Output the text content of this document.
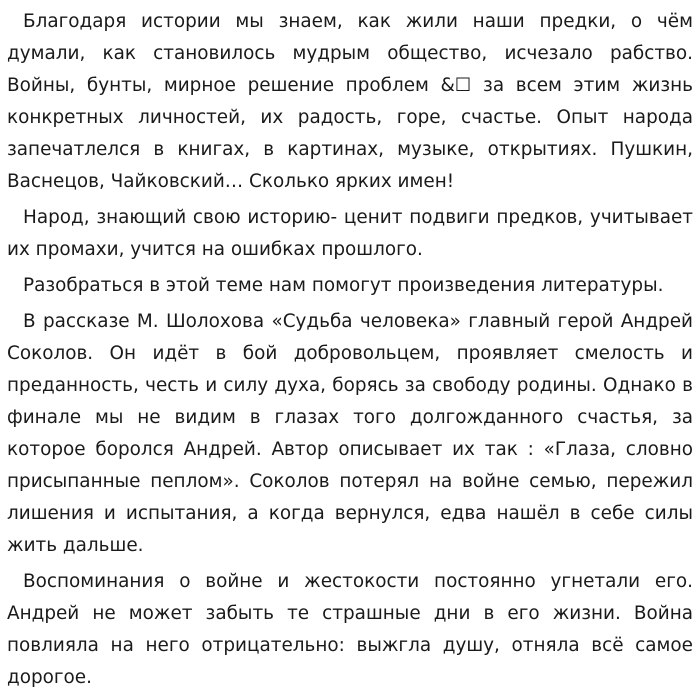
Благодаря истории мы знаем, как жили наши предки, о чём думали, как становилось мудрым общество, исчезало рабство. Войны, бунты, мирное решение проблем &☐ за всем этим жизнь конкретных личностей, их радость, горе, счастье. Опыт народа запечатлелся в книгах, в картинах, музыке, открытиях. Пушкин, Васнецов, Чайковский… Сколько ярких имен!

Народ, знающий свою историю- ценит подвиги предков, учитывает их промахи, учится на ошибках прошлого.

Разобраться в этой теме нам помогут произведения литературы.

В рассказе М. Шолохова «Судьба человека» главный герой Андрей Соколов. Он идёт в бой добровольцем, проявляет смелость и преданность, честь и силу духа, борясь за свободу родины. Однако в финале мы не видим в глазах того долгожданного счастья, за которое боролся Андрей. Автор описывает их так : «Глаза, словно присыпанные пеплом». Соколов потерял на войне семью, пережил лишения и испытания, а когда вернулся, едва нашёл в себе силы жить дальше.

Воспоминания о войне и жестокости постоянно угнетали его. Андрей не может забыть те страшные дни в его жизни. Война повлияла на него отрицательно: выжгла душу, отняла всё самое дорогое.
